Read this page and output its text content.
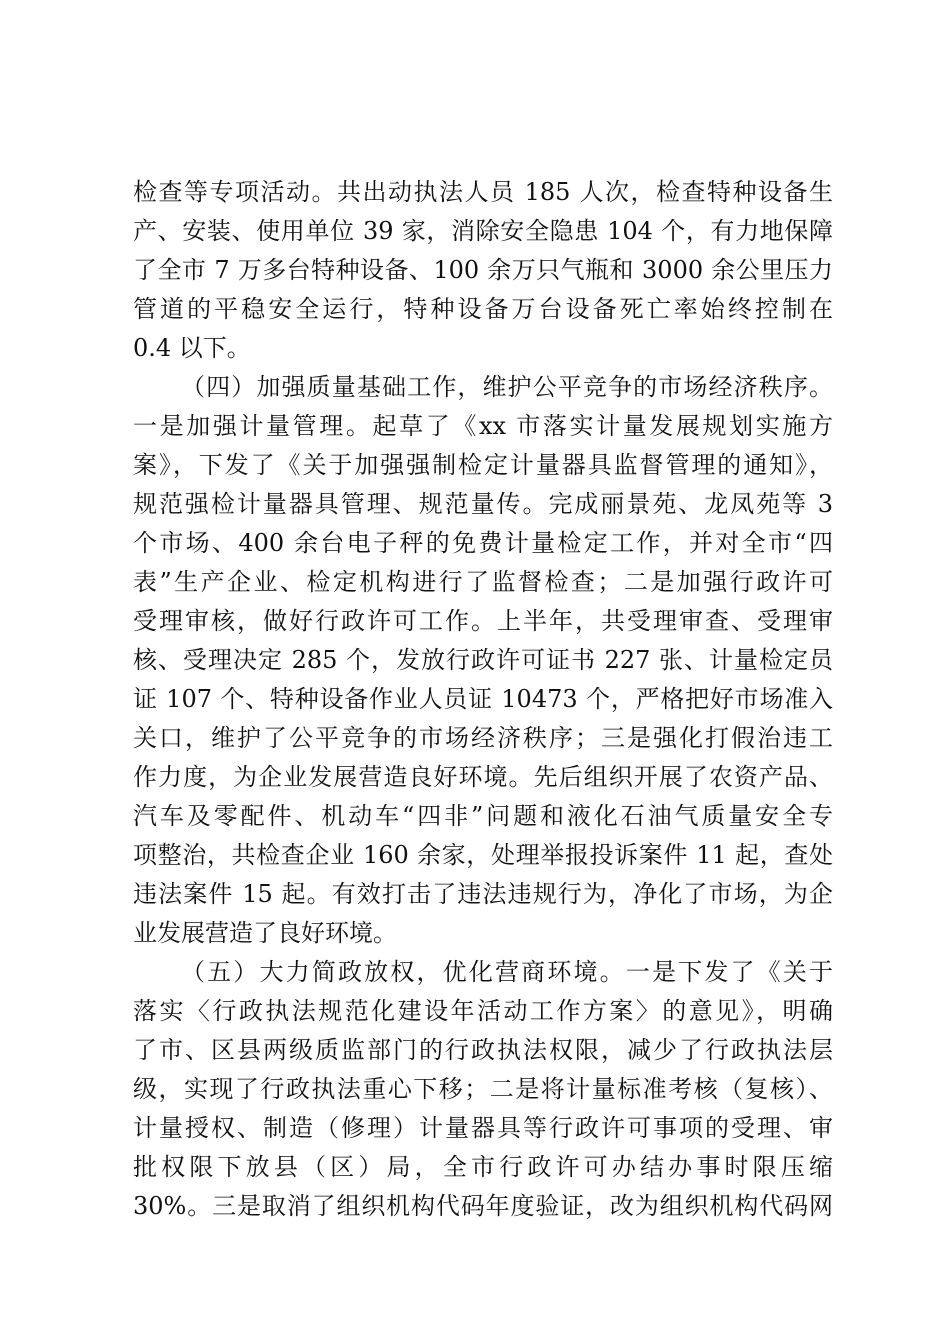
检查等专项活动。共出动执法人员 185 人次，检查特种设备生
产、安装、使用单位 39 家，消除安全隐患 104 个，有力地保障
了全市 7 万多台特种设备、100 余万只气瓶和 3000 余公里压力
管道的平稳安全运行，特种设备万台设备死亡率始终控制在
0.4 以下。
（四）加强质量基础工作，维护公平竞争的市场经济秩序。
一是加强计量管理。起草了《xx 市落实计量发展规划实施方
案》，下发了《关于加强强制检定计量器具监督管理的通知》，
规范强检计量器具管理、规范量传。完成丽景苑、龙凤苑等 3
个市场、400 余台电子秤的免费计量检定工作，并对全市“四
表”生产企业、检定机构进行了监督检查；二是加强行政许可
受理审核，做好行政许可工作。上半年，共受理审查、受理审
核、受理决定 285 个，发放行政许可证书 227 张、计量检定员
证 107 个、特种设备作业人员证 10473 个，严格把好市场准入
关口，维护了公平竞争的市场经济秩序；三是强化打假治违工
作力度，为企业发展营造良好环境。先后组织开展了农资产品、
汽车及零配件、机动车“四非”问题和液化石油气质量安全专
项整治，共检查企业 160 余家，处理举报投诉案件 11 起，查处
违法案件 15 起。有效打击了违法违规行为，净化了市场，为企
业发展营造了良好环境。
（五）大力简政放权，优化营商环境。一是下发了《关于
落实〈行政执法规范化建设年活动工作方案〉的意见》，明确
了市、区县两级质监部门的行政执法权限，减少了行政执法层
级，实现了行政执法重心下移；二是将计量标准考核（复核）、
计量授权、制造（修理）计量器具等行政许可事项的受理、审
批权限下放县（区）局，全市行政许可办结办事时限压缩
30%。三是取消了组织机构代码年度验证，改为组织机构代码网
